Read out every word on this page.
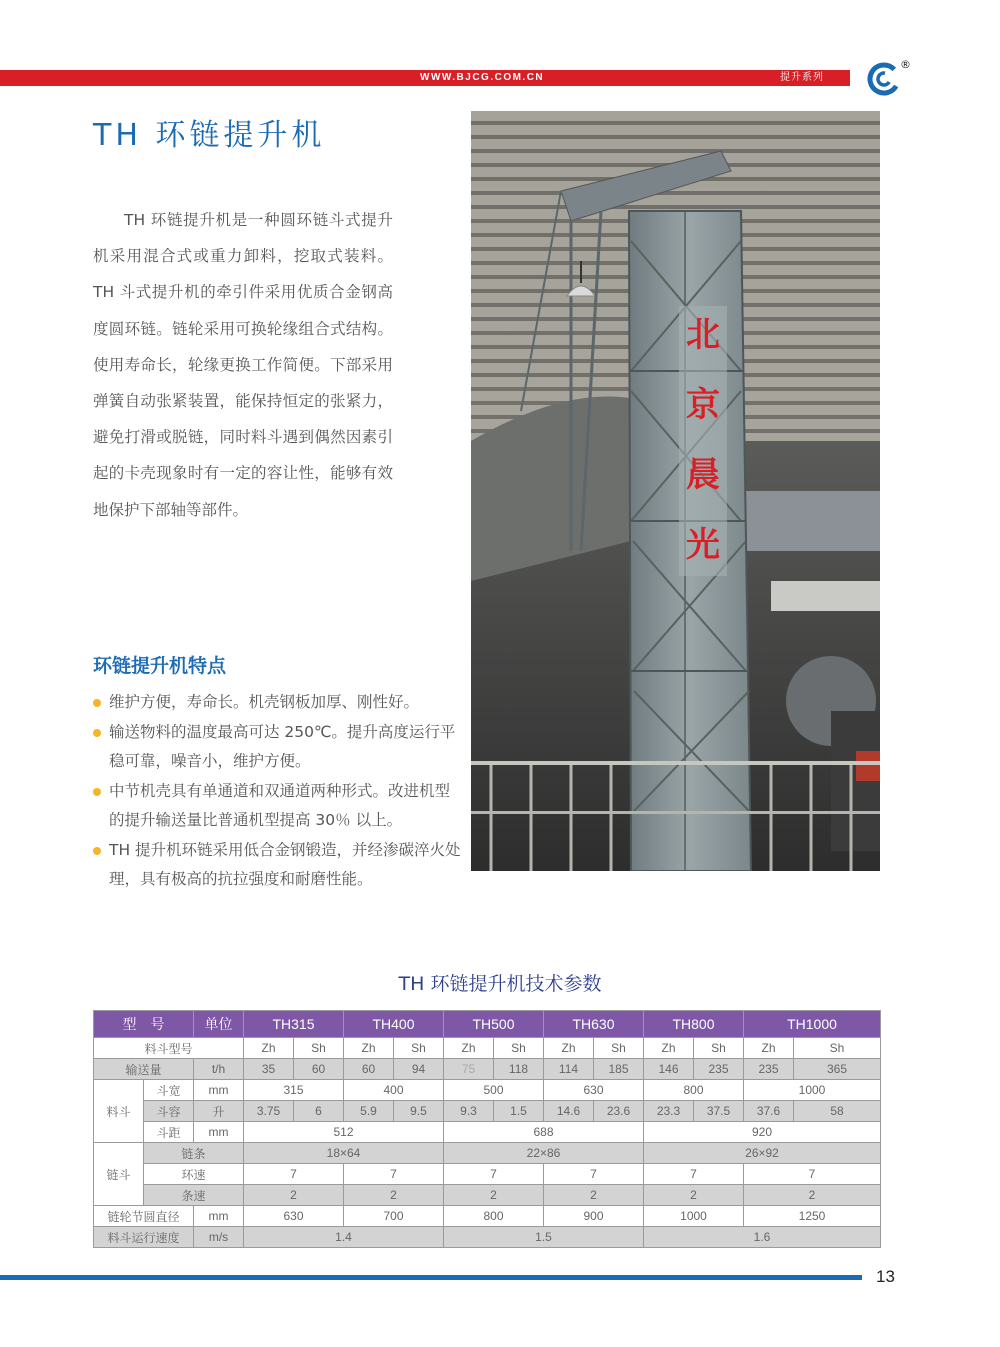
WWW.BJCG.COM.CN	提升系列
®
TH 环链提升机
TH 环链提升机是一种圆环链斗式提升机采用混合式或重力卸料，挖取式装料。TH 斗式提升机的牵引件采用优质合金钢高度圆环链。链轮采用可换轮缘组合式结构。使用寿命长，轮缘更换工作简便。下部采用弹簧自动张紧装置，能保持恒定的张紧力，避免打滑或脱链，同时料斗遇到偶然因素引起的卡壳现象时有一定的容让性，能够有效地保护下部轴等部件。
北
京
晨
光
环链提升机特点
维护方便，寿命长。机壳钢板加厚、刚性好。
输送物料的温度最高可达 250℃。提升高度运行平稳可靠，噪音小，维护方便。
中节机壳具有单通道和双通道两种形式。改进机型的提升输送量比普通机型提高 30％ 以上。
TH 提升机环链采用低合金钢锻造，并经渗碳淬火处理，具有极高的抗拉强度和耐磨性能。
TH 环链提升机技术参数
型　号		单位	TH315		TH400		TH500		TH630		TH800		TH1000	
料斗型号			Zh	Sh	Zh	Sh	Zh	Sh	Zh	Sh	Zh	Sh	Zh	Sh
输送量		t/h	35	60	60	94	75	118	114	185	146	235	235	365
料斗	斗宽	mm	315		400		500		630		800		1000	
	斗容	升	3.75	6	5.9	9.5	9.3	1.5	14.6	23.6	23.3	37.5	37.6	58
	斗距	mm	512				688				920			
链斗	链条		18×64				22×86				26×92			
	环速		7		7		7		7		7		7	
	条速		2		2		2		2		2		2	
链轮节圆直径		mm	630		700		800		900		1000		1250	
料斗运行速度		m/s	1.4				1.5				1.6			
13
